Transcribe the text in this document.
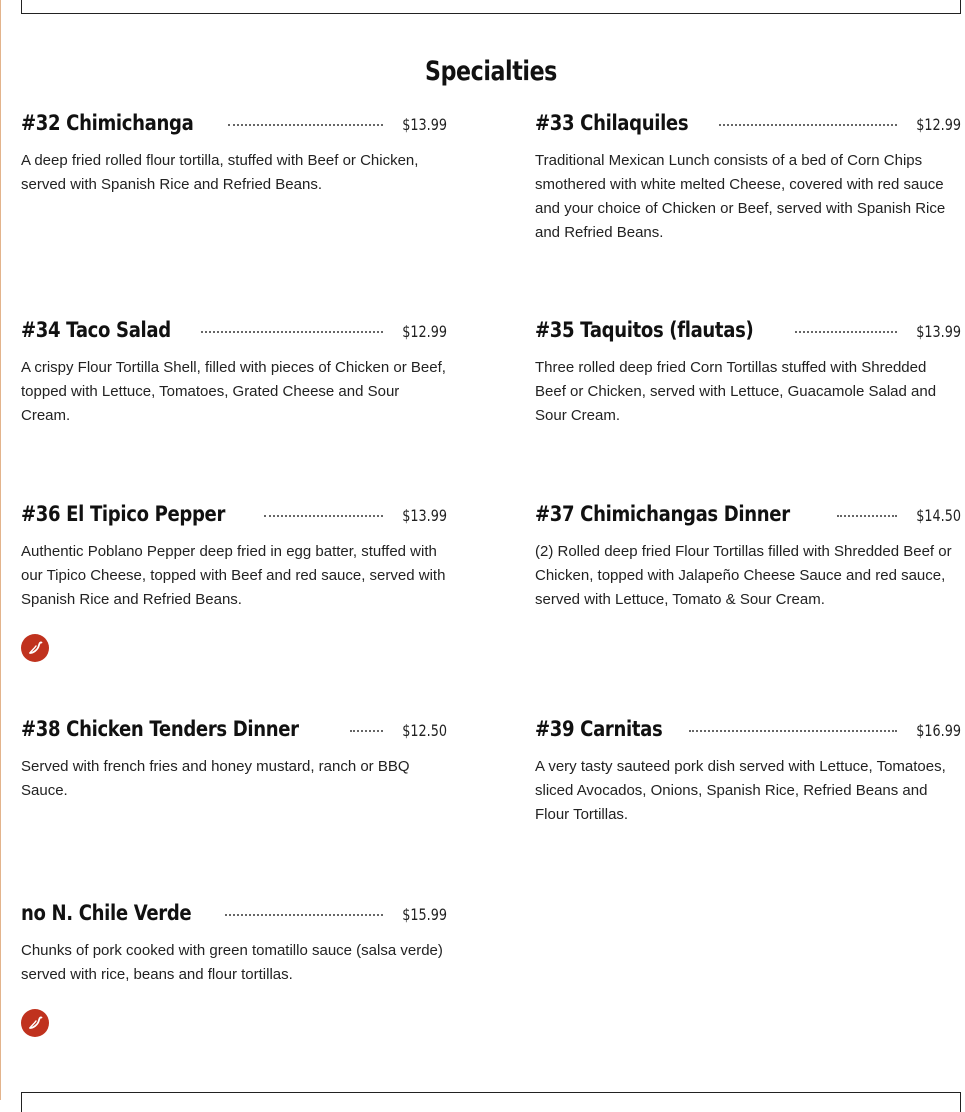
Specialties
#32 Chimichanga	$13.99
A deep fried rolled flour tortilla, stuffed with Beef or Chicken, served with Spanish Rice and Refried Beans.
#33 Chilaquiles	$12.99
Traditional Mexican Lunch consists of a bed of Corn Chips smothered with white melted Cheese, covered with red sauce and your choice of Chicken or Beef, served with Spanish Rice and Refried Beans.
#34 Taco Salad	$12.99
A crispy Flour Tortilla Shell, filled with pieces of Chicken or Beef, topped with Lettuce, Tomatoes, Grated Cheese and Sour Cream.
#35 Taquitos (flautas)	$13.99
Three rolled deep fried Corn Tortillas stuffed with Shredded Beef or Chicken, served with Lettuce, Guacamole Salad and Sour Cream.
#36 El Tipico Pepper	$13.99
Authentic Poblano Pepper deep fried in egg batter, stuffed with our Tipico Cheese, topped with Beef and red sauce, served with Spanish Rice and Refried Beans.
#37 Chimichangas Dinner	$14.50
(2) Rolled deep fried Flour Tortillas filled with Shredded Beef or Chicken, topped with Jalapeño Cheese Sauce and red sauce, served with Lettuce, Tomato & Sour Cream.
#38 Chicken Tenders Dinner	$12.50
Served with french fries and honey mustard, ranch or BBQ Sauce.
#39 Carnitas	$16.99
A very tasty sauteed pork dish served with Lettuce, Tomatoes, sliced Avocados, Onions, Spanish Rice, Refried Beans and Flour Tortillas.
no N. Chile Verde	$15.99
Chunks of pork cooked with green tomatillo sauce (salsa verde) served with rice, beans and flour tortillas.
